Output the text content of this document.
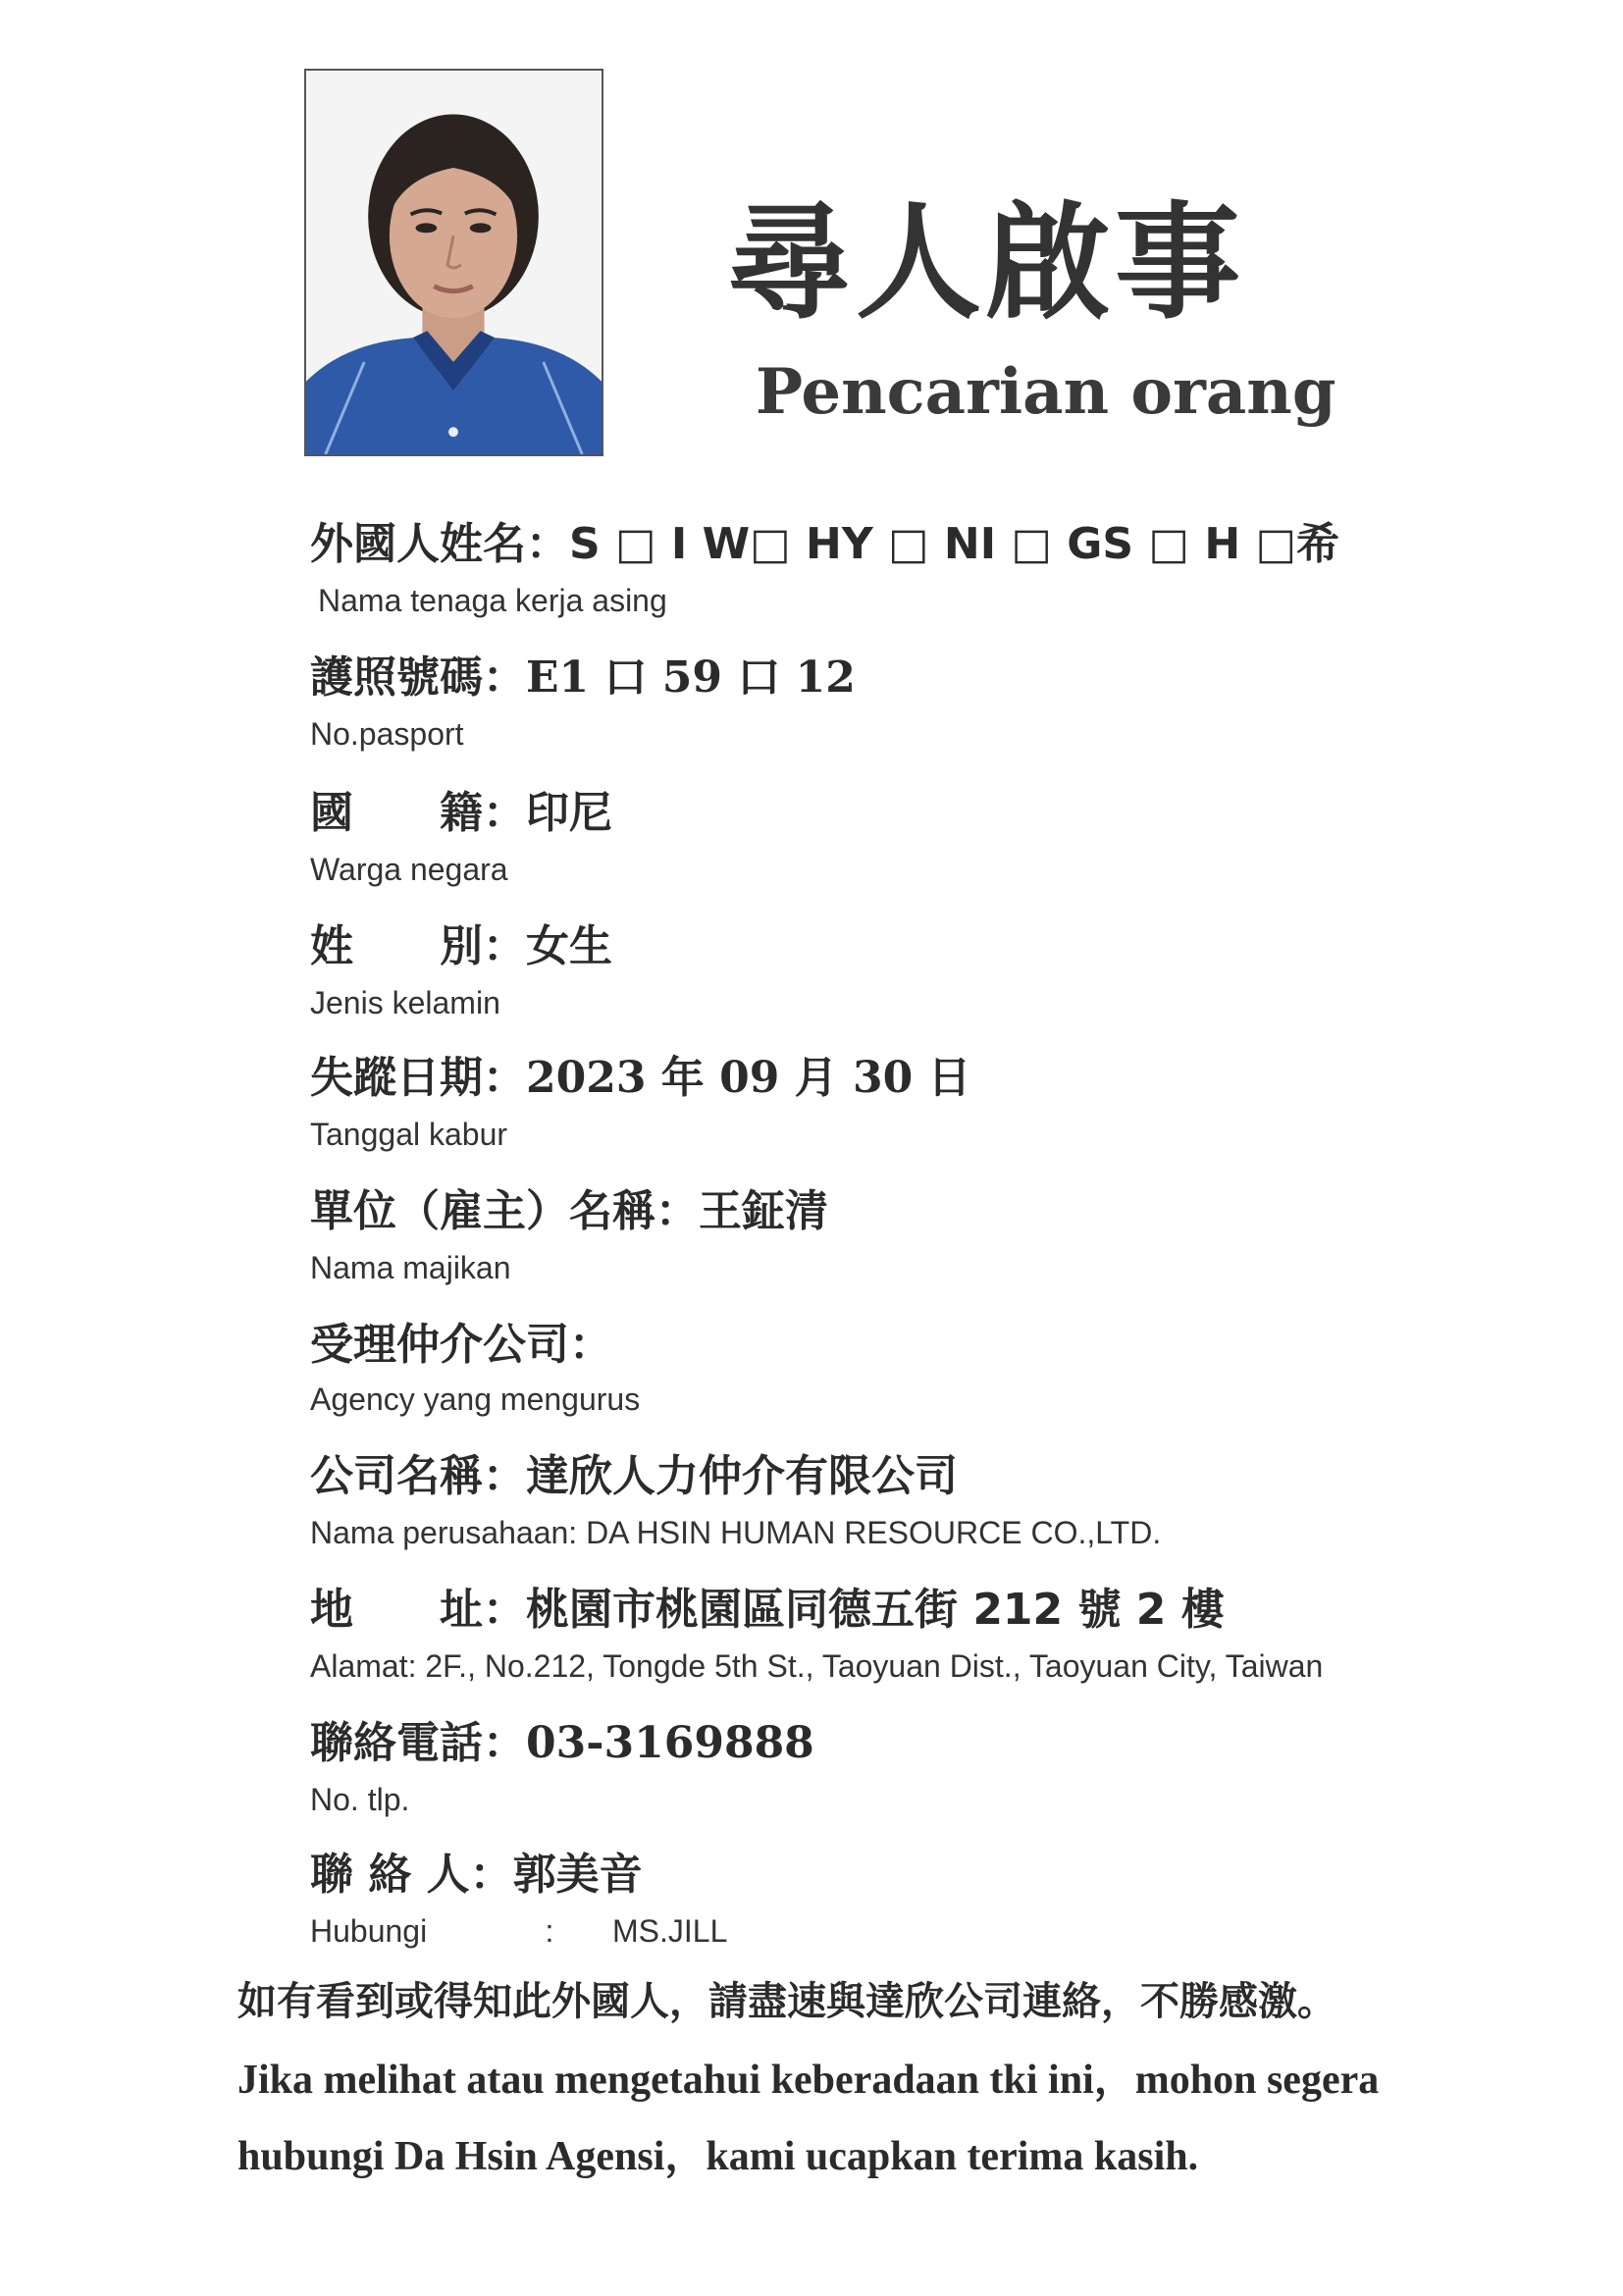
尋人啟事
Pencarian orang
外國人姓名：S □ I W□ HY □ NI □ GS □ H □希
Nama tenaga kerja asing
護照號碼：E1 口 59 口 12
No.pasport
國　　籍：印尼
Warga negara
姓　　別：女生
Jenis kelamin
失蹤日期：2023 年 09 月 30 日
Tanggal kabur
單位（雇主）名稱：王鉦清
Nama majikan
受理仲介公司：
Agency yang mengurus
公司名稱：達欣人力仲介有限公司
Nama perusahaan: DA HSIN HUMAN RESOURCE CO.,LTD.
地　　址：桃園市桃園區同德五街 212 號 2 樓
Alamat: 2F., No.212, Tongde 5th St., Taoyuan Dist., Taoyuan City, Taiwan
聯絡電話：03-3169888
No. tlp.
聯 絡 人：郭美音
Hubungi	: MS.JILL
如有看到或得知此外國人，請盡速與達欣公司連絡，不勝感激。
Jika melihat atau mengetahui keberadaan tki ini，mohon segera
hubungi Da Hsin Agensi，kami ucapkan terima kasih.
